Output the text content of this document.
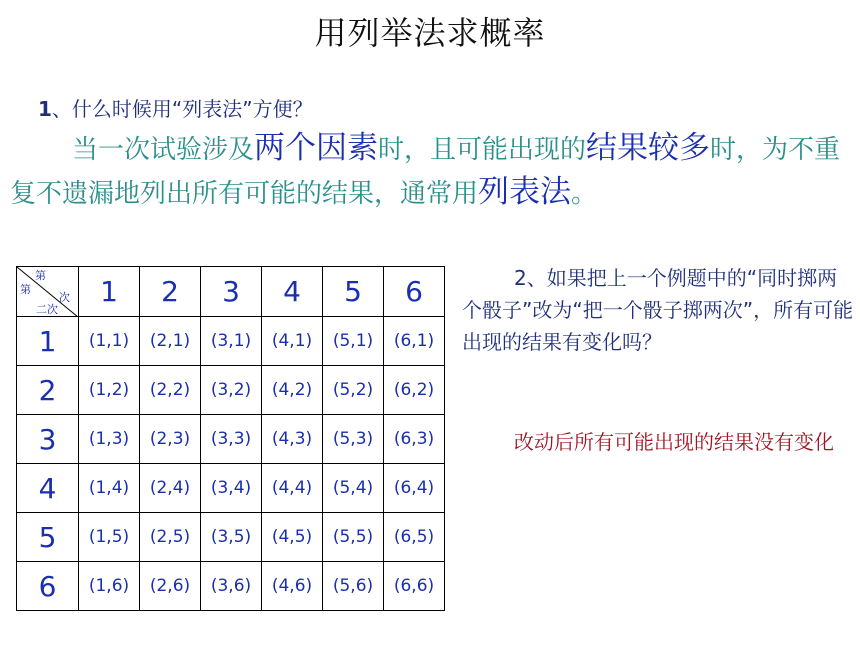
用列举法求概率
1、什么时候用“列表法”方便？
当一次试验涉及两个因素时，且可能出现的结果较多时，为不重复不遗漏地列出所有可能的结果，通常用列表法。
第
第
次
二次	1	2	3	4	5	6
1	(1,1)	(2,1)	(3,1)	(4,1)	(5,1)	(6,1)
2	(1,2)	(2,2)	(3,2)	(4,2)	(5,2)	(6,2)
3	(1,3)	(2,3)	(3,3)	(4,3)	(5,3)	(6,3)
4	(1,4)	(2,4)	(3,4)	(4,4)	(5,4)	(6,4)
5	(1,5)	(2,5)	(3,5)	(4,5)	(5,5)	(6,5)
6	(1,6)	(2,6)	(3,6)	(4,6)	(5,6)	(6,6)
2、如果把上一个例题中的“同时掷两个骰子”改为“把一个骰子掷两次”，所有可能出现的结果有变化吗？
改动后所有可能出现的结果没有变化
